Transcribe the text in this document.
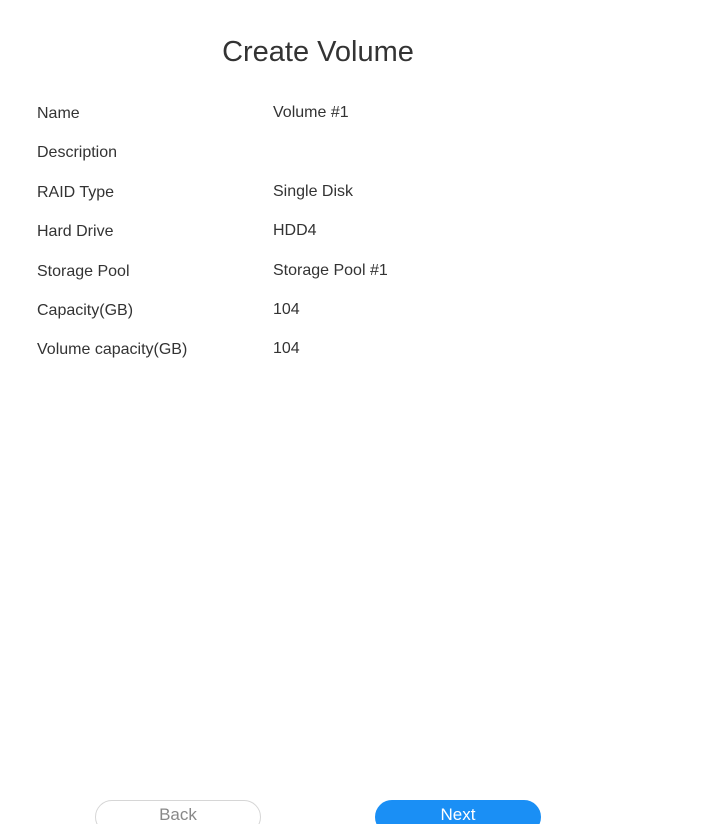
Create Volume
Name	Volume #1
Description
RAID Type	Single Disk
Hard Drive	HDD4
Storage Pool	Storage Pool #1
Capacity(GB)	104
Volume capacity(GB)	104
Back	Next
